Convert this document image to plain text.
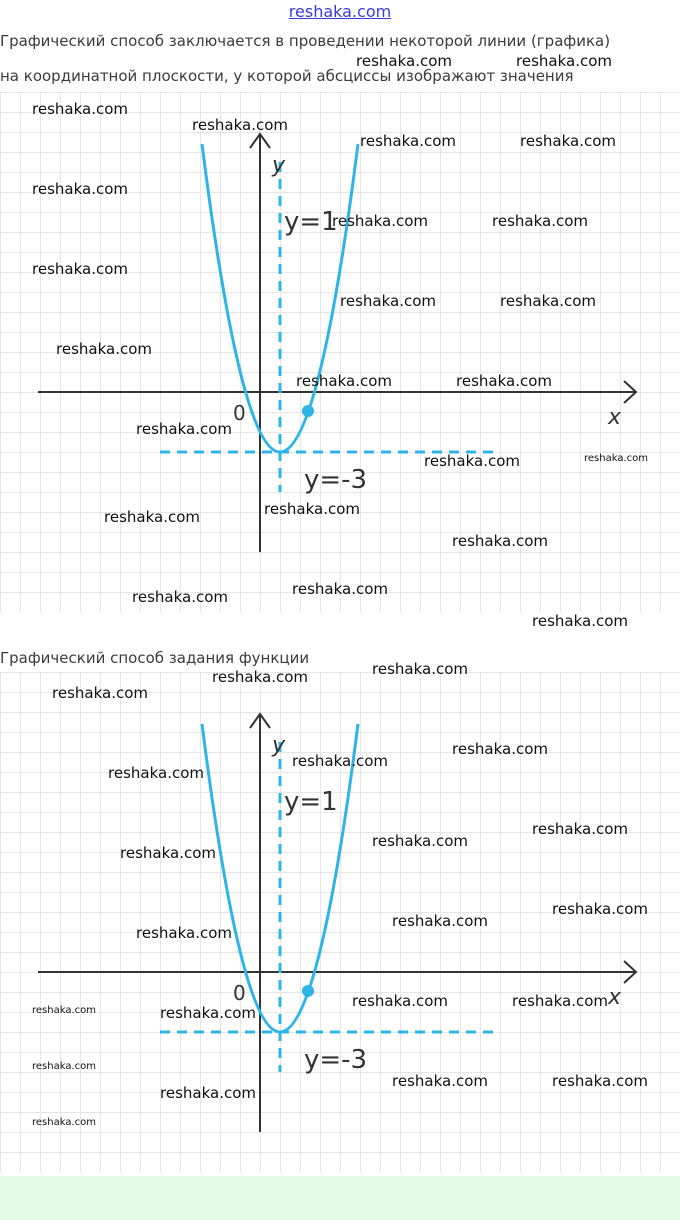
reshaka.com
Графический способ заключается в проведении некоторой линии (графика)
на координатной плоскости, у которой абсциссы изображают значения
y
x
0
y=1
y=-3
Графический способ задания функции
y
x
0
y=1
y=-3
reshaka.com	reshaka.com
reshaka.com
reshaka.com
reshaka.com	reshaka.com
reshaka.com
reshaka.com	reshaka.com
reshaka.com
reshaka.com	reshaka.com
reshaka.com
reshaka.com	reshaka.com
reshaka.com
reshaka.com	reshaka.com
reshaka.com
reshaka.com
reshaka.com
reshaka.com
reshaka.com
reshaka.com
reshaka.com
reshaka.com
reshaka.com
reshaka.com
reshaka.com
reshaka.com
reshaka.com
reshaka.com
reshaka.com
reshaka.com
reshaka.com
reshaka.com
reshaka.com	reshaka.com
reshaka.com	reshaka.com
reshaka.com
reshaka.com	reshaka.com
reshaka.com
reshaka.com
